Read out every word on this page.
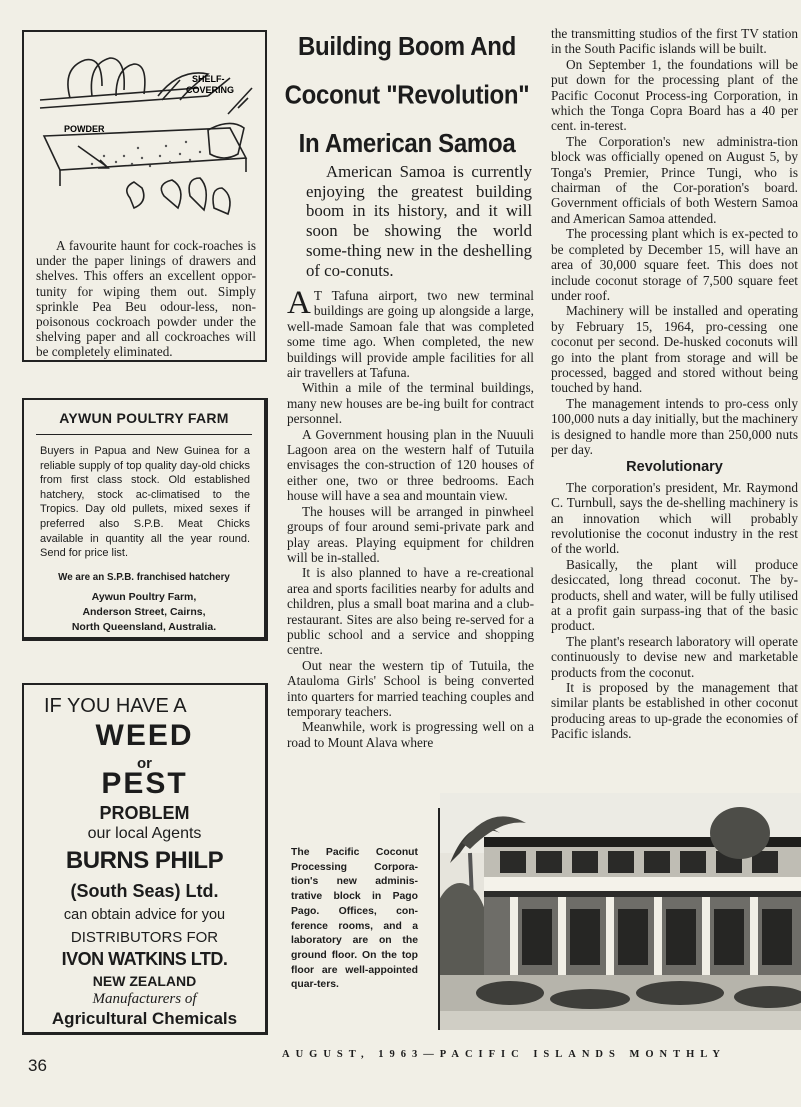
SHELF-
COVERING
POWDER

A favourite haunt for cock-roaches is under the paper linings of drawers and shelves. This offers an excellent oppor-tunity for wiping them out. Simply sprinkle Pea Beu odour-less, non-poisonous cockroach powder under the shelving paper and all cockroaches will be completely eliminated.

AYWUN POULTRY FARM
Buyers in Papua and New Guinea for a reliable supply of top quality day-old chicks from first class stock. Old established hatchery, stock ac-climatised to the Tropics. Day old pullets, mixed sexes if preferred also S.P.B. Meat Chicks available in quantity all the year round. Send for price list.
We are an S.P.B. franchised hatchery
Aywun Poultry Farm,
Anderson Street, Cairns,
North Queensland, Australia.
IF YOU HAVE A
WEED
or
PEST
PROBLEM
our local Agents
BURNS PHILP
(South Seas) Ltd.
can obtain advice for you
DISTRIBUTORS FOR
IVON WATKINS LTD.
NEW ZEALAND
Manufacturers of
Agricultural Chemicals
Building Boom And
Coconut "Revolution"
In American Samoa

American Samoa is currently enjoying the greatest building boom in its history, and it will soon be showing the world some-thing new in the deshelling of co-conuts.

A T Tafuna airport, two new terminal buildings are going up alongside a large, well-made Samoan fale that was completed some time ago. When completed, the new buildings will provide ample facilities for all air travellers at Tafuna.

Within a mile of the terminal buildings, many new houses are be-ing built for contract personnel.

A Government housing plan in the Nuuuli Lagoon area on the western half of Tutuila envisages the con-struction of 120 houses of either one, two or three bedrooms. Each house will have a sea and mountain view.

The houses will be arranged in pinwheel groups of four around semi-private park and play areas. Playing equipment for children will be in-stalled.

It is also planned to have a re-creational area and sports facilities nearby for adults and children, plus a small boat marina and a club-restaurant. Sites are also being re-served for a public school and a service and shopping centre.

Out near the western tip of Tutuila, the Atauloma Girls' School is being converted into quarters for married teaching couples and temporary teachers.

Meanwhile, work is progressing well on a road to Mount Alava where

the transmitting studios of the first TV station in the South Pacific islands will be built.

On September 1, the foundations will be put down for the processing plant of the Pacific Coconut Process-ing Corporation, in which the Tonga Copra Board has a 40 per cent. in-terest.

The Corporation's new administra-tion block was officially opened on August 5, by Tonga's Premier, Prince Tungi, who is chairman of the Cor-poration's board. Government officials of both Western Samoa and American Samoa attended.

The processing plant which is ex-pected to be completed by December 15, will have an area of 30,000 square feet. This does not include coconut storage of 7,500 square feet under roof.

Machinery will be installed and operating by February 15, 1964, pro-cessing one coconut per second. De-husked coconuts will go into the plant from storage and will be processed, bagged and stored without being touched by hand.

The management intends to pro-cess only 100,000 nuts a day initially, but the machinery is designed to handle more than 250,000 nuts per day.

Revolutionary

The corporation's president, Mr. Raymond C. Turnbull, says the de-shelling machinery is an innovation which will probably revolutionise the coconut industry in the rest of the world.

Basically, the plant will produce desiccated, long thread coconut. The by-products, shell and water, will be fully utilised at a profit gain surpass-ing that of the basic product.

The plant's research laboratory will operate continuously to devise new and marketable products from the coconut.

It is proposed by the management that similar plants be established in other coconut producing areas to up-grade the economies of Pacific islands.

The Pacific Coconut Processing Corpora-tion's new adminis-trative block in Pago Pago. Offices, con-ference rooms, and a laboratory are on the ground floor. On the top floor are well-appointed quar-ters.
AUGUST, 1963—PACIFIC ISLANDS MONTHLY
36
